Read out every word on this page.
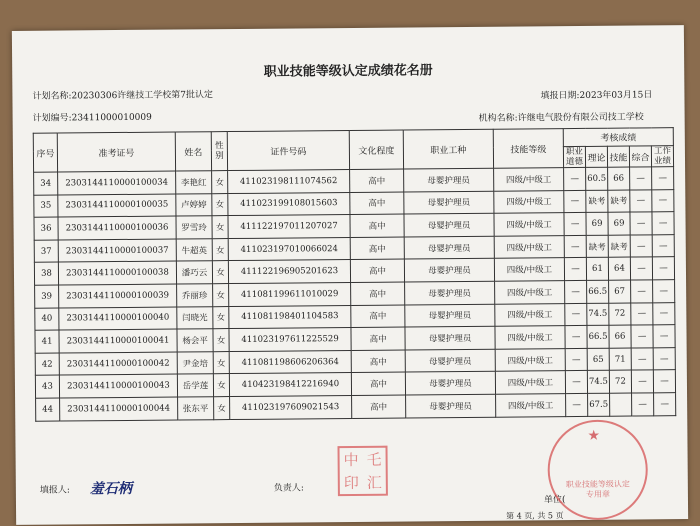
职业技能等级认定成绩花名册
计划名称:20230306许继技工学校第7批认定	填报日期:2023年03月15日
计划编号:23411000010009	机构名称:许继电气股份有限公司技工学校
序号	准考证号	姓名	性别	证件号码	文化程度	职业工种	技能等级	考核成绩				
								职业道德	理论	技能	综合	工作业绩
34	2303144110000100034	李艳红	女	411023198111074562	高中	母婴护理员	四级/中级工	—	60.5	66	—	—
35	2303144110000100035	卢婷婷	女	411023199108015603	高中	母婴护理员	四级/中级工	—	缺考	缺考	—	—
36	2303144110000100036	罗雪玲	女	411122197011207027	高中	母婴护理员	四级/中级工	—	69	69	—	—
37	2303144110000100037	牛超英	女	411023197010066024	高中	母婴护理员	四级/中级工	—	缺考	缺考	—	—
38	2303144110000100038	潘巧云	女	411122196905201623	高中	母婴护理员	四级/中级工	—	61	64	—	—
39	2303144110000100039	乔丽珍	女	411081199611010029	高中	母婴护理员	四级/中级工	—	66.5	67	—	—
40	2303144110000100040	闫晓光	女	411081198401104583	高中	母婴护理员	四级/中级工	—	74.5	72	—	—
41	2303144110000100041	杨会平	女	411023197611225529	高中	母婴护理员	四级/中级工	—	66.5	66	—	—
42	2303144110000100042	尹金培	女	411081198606206364	高中	母婴护理员	四级/中级工	—	65	71	—	—
43	2303144110000100043	岳学莲	女	410423198412216940	高中	母婴护理员	四级/中级工	—	74.5	72	—	—
44	2303144110000100044	张东平	女	411023197609021543	高中	母婴护理员	四级/中级工	—	67.5		—	—
填报人: 羞石柄	负责人:
单位(
第 4 页, 共 5 页
中 乇
印 汇
★
职业技能等级认定
专用章
